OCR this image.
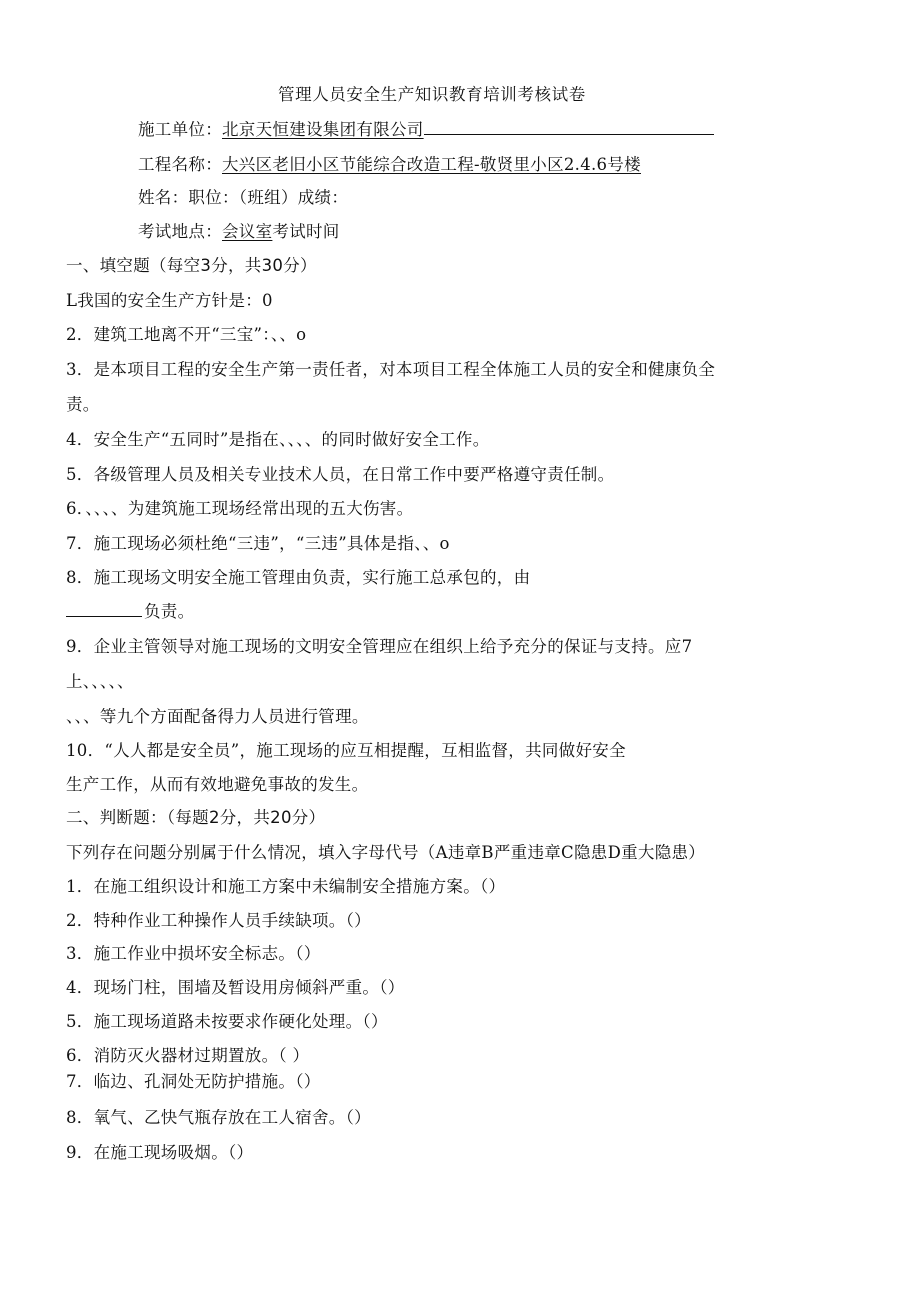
管理人员安全生产知识教育培训考核试卷
施工单位：北京天恒建设集团有限公司
工程名称：大兴区老旧小区节能综合改造工程-敬贤里小区2.4.6号楼
姓名：职位：（班组）成绩：
考试地点：会议室考试时间
一、填空题（每空3分，共30分）
L我国的安全生产方针是：0
2．建筑工地离不开“三宝”：、、o
3．是本项目工程的安全生产第一责任者，对本项目工程全体施工人员的安全和健康负全
责。
4．安全生产“五同时”是指在、、、、的同时做好安全工作。
5．各级管理人员及相关专业技术人员，在日常工作中要严格遵守责任制。
6．、、、、为建筑施工现场经常出现的五大伤害。
7．施工现场必须杜绝“三违”，“三违”具体是指、、o
8．施工现场文明安全施工管理由负责，实行施工总承包的，由
负责。
9．企业主管领导对施工现场的文明安全管理应在组织上给予充分的保证与支持。应7
上、、、、、
、、、等九个方面配备得力人员进行管理。
10．“人人都是安全员”，施工现场的应互相提醒，互相监督，共同做好安全
生产工作，从而有效地避免事故的发生。
二、判断题：（每题2分，共20分）
下列存在问题分别属于什么情况，填入字母代号（A违章B严重违章C隐患D重大隐患）
1．在施工组织设计和施工方案中未编制安全措施方案。（）
2．特种作业工种操作人员手续缺项。（）
3．施工作业中损坏安全标志。（）
4．现场门柱，围墙及暂设用房倾斜严重。（）
5．施工现场道路未按要求作硬化处理。（）
6．消防灭火器材过期置放。（ ）
7．临边、孔洞处无防护措施。（）
8．氧气、乙快气瓶存放在工人宿舍。（）
9．在施工现场吸烟。（）
